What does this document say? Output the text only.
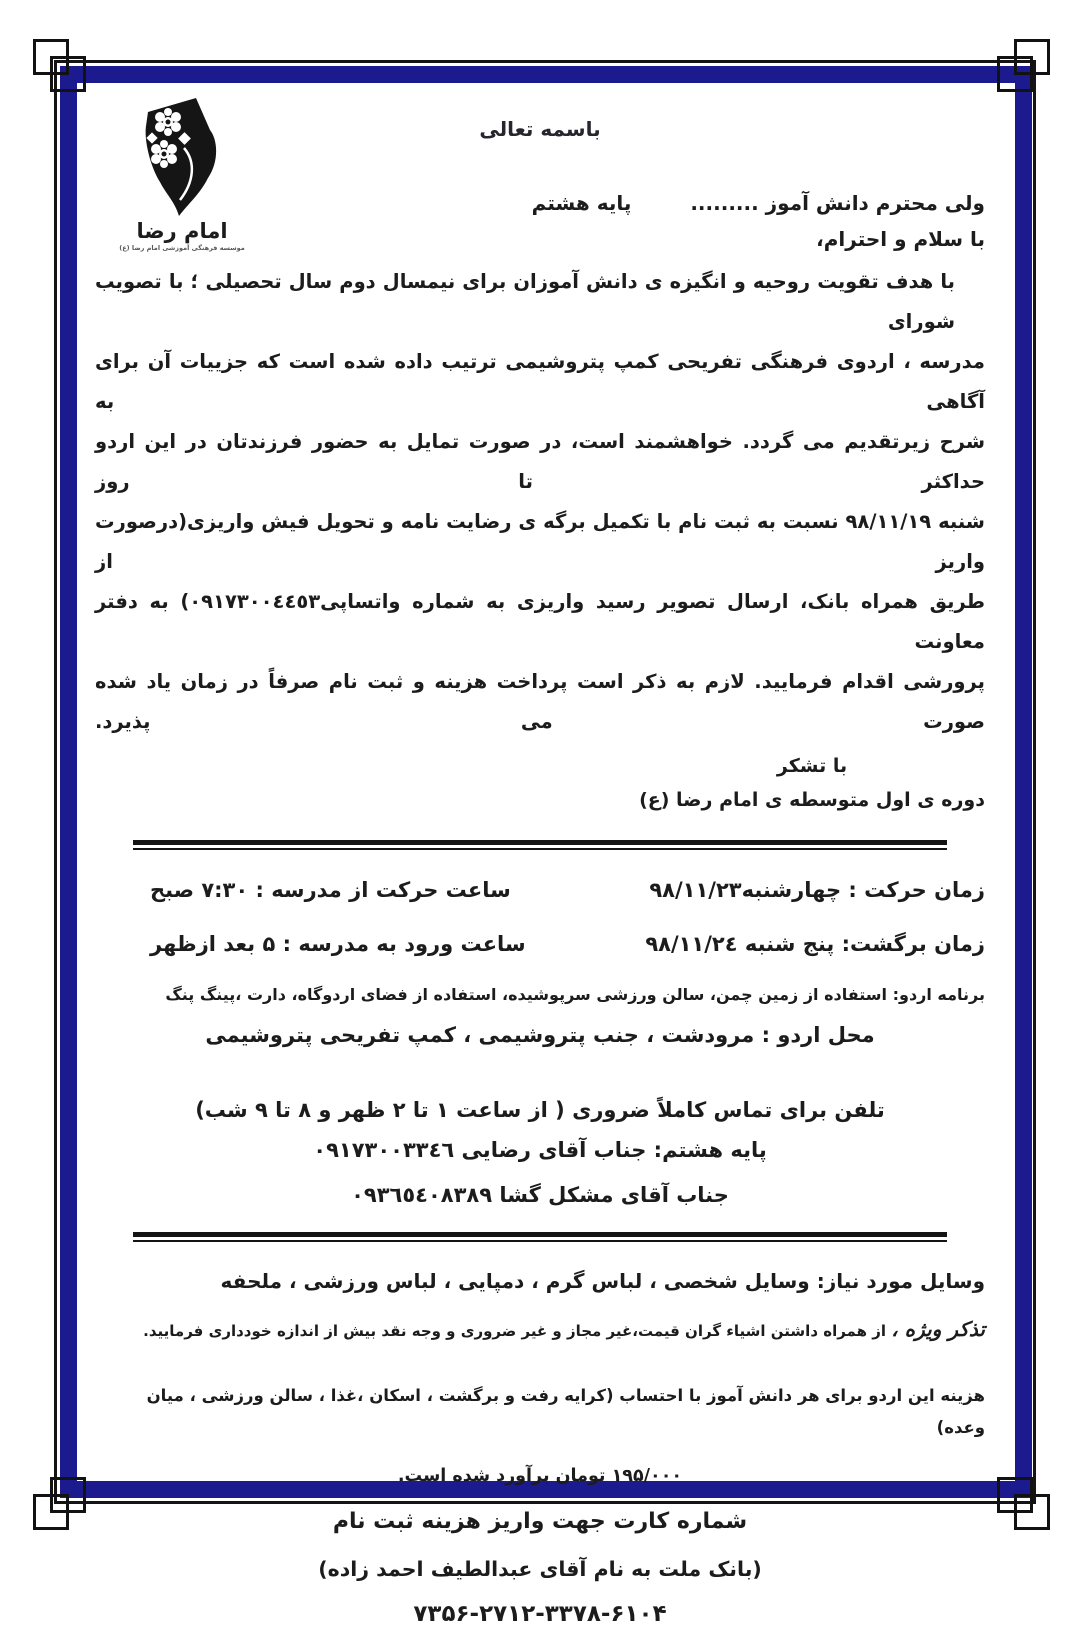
امام رضا
موسسه فرهنگی آموزشی امام رضا (ع)
باسمه تعالی
ولی محترم دانش آموز ......... پایه هشتم
با سلام و احترام،
با هدف تقویت روحیه و انگیزه ی دانش آموزان برای نیمسال دوم سال تحصیلی ؛ با تصویب شورای
مدرسه ، اردوی فرهنگی تفریحی کمپ پتروشیمی ترتیب داده شده است که جزییات آن برای آگاهی به
شرح زیرتقدیم می گردد. خواهشمند است، در صورت تمایل به حضور فرزندتان در این اردو حداکثر تا روز
شنبه ۹۸/۱۱/۱۹ نسبت به ثبت نام با تکمیل برگه ی رضایت نامه و تحویل فیش واریزی(درصورت واریز از
طریق همراه بانک، ارسال تصویر رسید واریزی به شماره واتساپی۰۹۱۷۳۰۰٤٤٥۳) به دفتر معاونت
پرورشی اقدام فرمایید. لازم به ذکر است پرداخت هزینه و ثبت نام صرفاً در زمان یاد شده صورت می پذیرد.
با تشکر
دوره ی اول متوسطه ی امام رضا (ع)
زمان حرکت : چهارشنبه۹۸/۱۱/۲۳
ساعت حرکت از مدرسه : ۷:۳۰ صبح
زمان برگشت: پنج شنبه ۹۸/۱۱/۲٤
ساعت ورود به مدرسه : ۵ بعد ازظهر
برنامه اردو: استفاده از زمین چمن، سالن ورزشی سرپوشیده، استفاده از فضای اردوگاه، دارت ،پینگ پنگ
محل اردو : مرودشت ، جنب پتروشیمی ، کمپ تفریحی پتروشیمی
تلفن برای تماس کاملاً ضروری ( از ساعت ۱ تا ۲ ظهر و ۸ تا ۹ شب)
پایه هشتم: جناب آقای رضایی ۰۹۱۷۳۰۰۳۳٤٦
جناب آقای مشکل گشا ۰۹۳٦٥٤۰۸۳۸۹
وسایل مورد نیاز: وسایل شخصی ، لباس گرم ، دمپایی ، لباس ورزشی ، ملحفه
تذکر ویژه ، از همراه داشتن اشیاء گران قیمت،غیر مجاز و غیر ضروری و وجه نقد بیش از اندازه خودداری فرمایید.
هزینه این اردو برای هر دانش آموز با احتساب (کرایه رفت و برگشت ، اسکان ،غذا ، سالن ورزشی ، میان وعده)
۱۹۵/۰۰۰ تومان برآورد شده است.
شماره کارت جهت واریز هزینه ثبت نام
(بانک ملت به نام آقای عبدالطیف احمد زاده)
۷۳۵۶-۲۷۱۲-۳۳۷۸-۶۱۰۴
